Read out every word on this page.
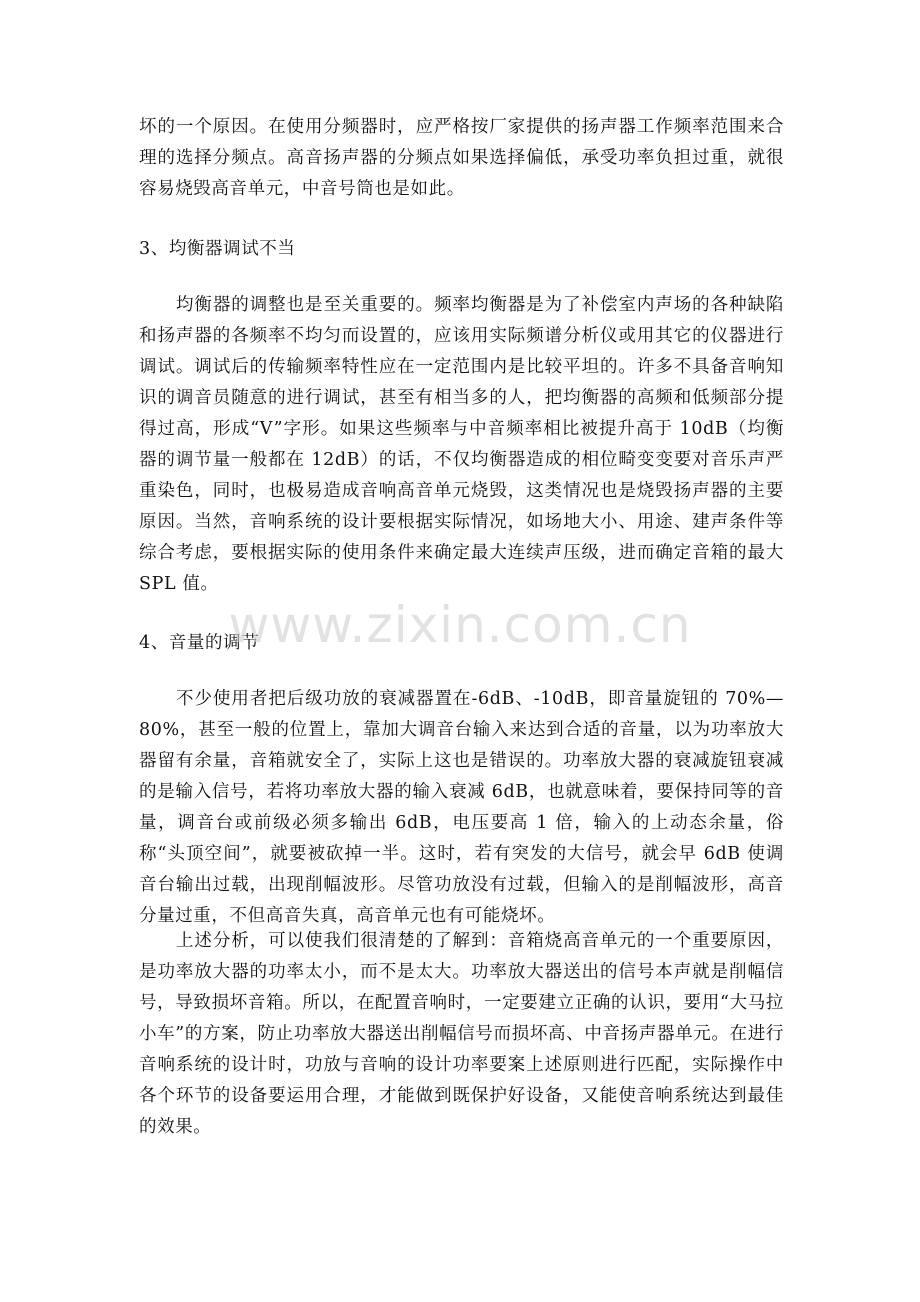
坏的一个原因。在使用分频器时，应严格按厂家提供的扬声器工作频率范围来合理的选择分频点。高音扬声器的分频点如果选择偏低，承受功率负担过重，就很容易烧毁高音单元，中音号筒也是如此。

3、均衡器调试不当

均衡器的调整也是至关重要的。频率均衡器是为了补偿室内声场的各种缺陷和扬声器的各频率不均匀而设置的，应该用实际频谱分析仪或用其它的仪器进行调试。调试后的传输频率特性应在一定范围内是比较平坦的。许多不具备音响知识的调音员随意的进行调试，甚至有相当多的人，把均衡器的高频和低频部分提得过高，形成“V”字形。如果这些频率与中音频率相比被提升高于 10dB（均衡器的调节量一般都在 12dB）的话，不仅均衡器造成的相位畸变变要对音乐声严重染色，同时，也极易造成音响高音单元烧毁，这类情况也是烧毁扬声器的主要原因。当然，音响系统的设计要根据实际情况，如场地大小、用途、建声条件等综合考虑，要根据实际的使用条件来确定最大连续声压级，进而确定音箱的最大 SPL 值。

4、音量的调节

不少使用者把后级功放的衰减器置在-6dB、-10dB，即音量旋钮的 70%—80%，甚至一般的位置上，靠加大调音台输入来达到合适的音量，以为功率放大器留有余量，音箱就安全了，实际上这也是错误的。功率放大器的衰减旋钮衰减的是输入信号，若将功率放大器的输入衰减 6dB，也就意味着，要保持同等的音量，调音台或前级必须多输出 6dB，电压要高 1 倍，输入的上动态余量，俗称“头顶空间”，就要被砍掉一半。这时，若有突发的大信号，就会早 6dB 使调音台输出过载，出现削幅波形。尽管功放没有过载，但输入的是削幅波形，高音分量过重，不但高音失真，高音单元也有可能烧坏。

上述分析，可以使我们很清楚的了解到：音箱烧高音单元的一个重要原因，是功率放大器的功率太小，而不是太大。功率放大器送出的信号本声就是削幅信号，导致损坏音箱。所以，在配置音响时，一定要建立正确的认识，要用“大马拉小车”的方案，防止功率放大器送出削幅信号而损坏高、中音扬声器单元。在进行音响系统的设计时，功放与音响的设计功率要案上述原则进行匹配，实际操作中各个环节的设备要运用合理，才能做到既保护好设备，又能使音响系统达到最佳的效果。

www.zixin.com.cn
